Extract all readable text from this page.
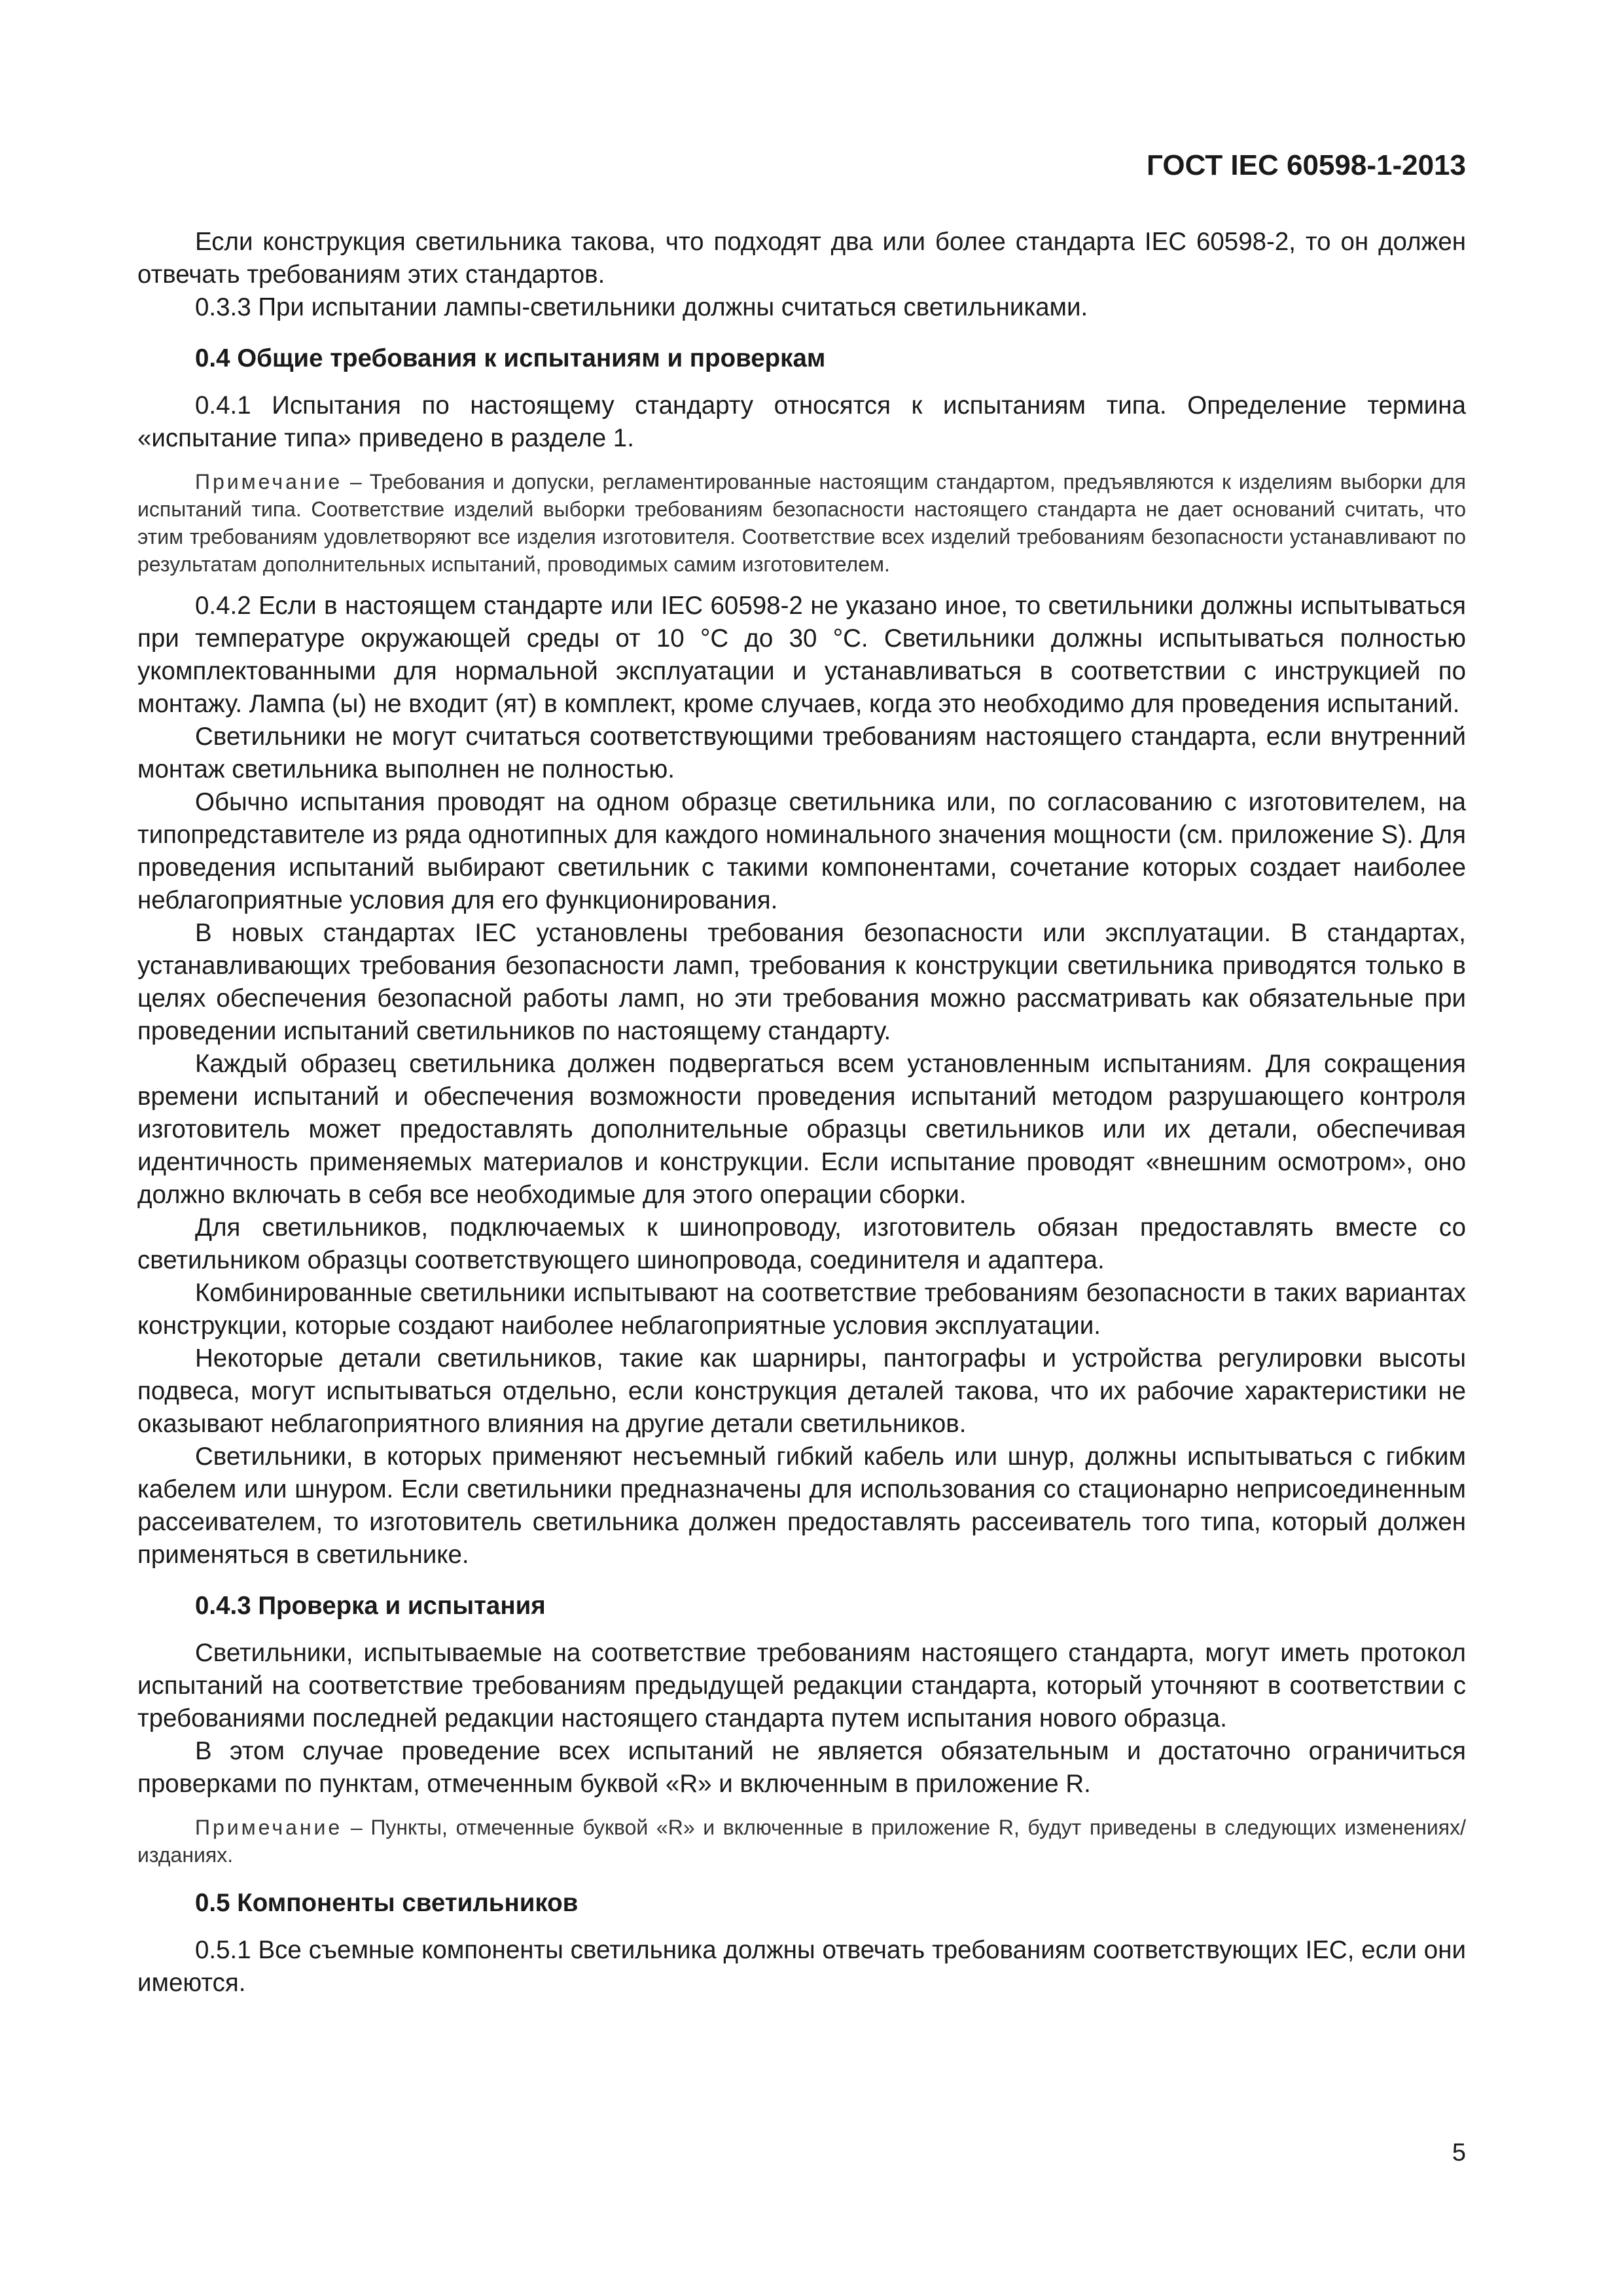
ГОСТ IEC 60598-1-2013

Если конструкция светильника такова, что подходят два или более стандарта IEC 60598-2, то он должен отвечать требованиям этих стандартов.

0.3.3 При испытании лампы-светильники должны считаться светильниками.

0.4 Общие требования к испытаниям и проверкам

0.4.1 Испытания по настоящему стандарту относятся к испытаниям типа. Определение термина «испытание типа» приведено в разделе 1.

Примечание – Требования и допуски, регламентированные настоящим стандартом, предъявляются к изделиям выборки для испытаний типа. Соответствие изделий выборки требованиям безопасности настоящего стандарта не дает оснований считать, что этим требованиям удовлетворяют все изделия изготовителя. Соответствие всех изделий требованиям безопасности устанавливают по результатам дополнительных испытаний, проводимых самим изготовителем.

0.4.2 Если в настоящем стандарте или IEC 60598-2 не указано иное, то светильники должны испытываться при температуре окружающей среды от 10 °С до 30 °С. Светильники должны испытываться полностью укомплектованными для нормальной эксплуатации и устанавливаться в соответствии с инструкцией по монтажу. Лампа (ы) не входит (ят) в комплект, кроме случаев, когда это необходимо для проведения испытаний.

Светильники не могут считаться соответствующими требованиям настоящего стандарта, если внутренний монтаж светильника выполнен не полностью.

Обычно испытания проводят на одном образце светильника или, по согласованию с изготовителем, на типопредставителе из ряда однотипных для каждого номинального значения мощности (см. приложение S). Для проведения испытаний выбирают светильник с такими компонентами, сочетание которых создает наиболее неблагоприятные условия для его функционирования.

В новых стандартах IEC установлены требования безопасности или эксплуатации. В стандартах, устанавливающих требования безопасности ламп, требования к конструкции светильника приводятся только в целях обеспечения безопасной работы ламп, но эти требования можно рассматривать как обязательные при проведении испытаний светильников по настоящему стандарту.

Каждый образец светильника должен подвергаться всем установленным испытаниям. Для сокращения времени испытаний и обеспечения возможности проведения испытаний методом разрушающего контроля изготовитель может предоставлять дополнительные образцы светильников или их детали, обеспечивая идентичность применяемых материалов и конструкции. Если испытание проводят «внешним осмотром», оно должно включать в себя все необходимые для этого операции сборки.

Для светильников, подключаемых к шинопроводу, изготовитель обязан предоставлять вместе со светильником образцы соответствующего шинопровода, соединителя и адаптера.

Комбинированные светильники испытывают на соответствие требованиям безопасности в таких вариантах конструкции, которые создают наиболее неблагоприятные условия эксплуатации.

Некоторые детали светильников, такие как шарниры, пантографы и устройства регулировки высоты подвеса, могут испытываться отдельно, если конструкция деталей такова, что их рабочие характеристики не оказывают неблагоприятного влияния на другие детали светильников.

Светильники, в которых применяют несъемный гибкий кабель или шнур, должны испытываться с гибким кабелем или шнуром. Если светильники предназначены для использования со стационарно неприсоединенным рассеивателем, то изготовитель светильника должен предоставлять рассеиватель того типа, который должен применяться в светильнике.

0.4.3 Проверка и испытания

Светильники, испытываемые на соответствие требованиям настоящего стандарта, могут иметь протокол испытаний на соответствие требованиям предыдущей редакции стандарта, который уточняют в соответствии с требованиями последней редакции настоящего стандарта путем испытания нового образца.

В этом случае проведение всех испытаний не является обязательным и достаточно ограничиться проверками по пунктам, отмеченным буквой «R» и включенным в приложение R.

Примечание – Пункты, отмеченные буквой «R» и включенные в приложение R, будут приведены в следующих изменениях/изданиях.

0.5 Компоненты светильников

0.5.1 Все съемные компоненты светильника должны отвечать требованиям соответствующих IEC, если они имеются.

5
